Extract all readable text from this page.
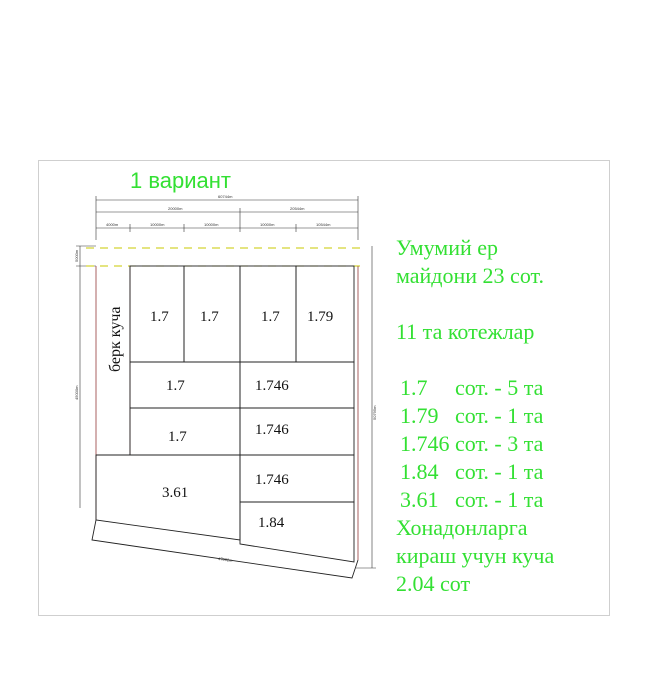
1 вариант
60744m
20000m	20544m
4000m	10000m	10000m	10000m	10544m
5000m
45000m
50795m
47092m
берк куча 1.7 1.7	1.7 1.79
1.7	1.746
1.7	1.746
3.61
1.746
1.84
Умумий ер
майдони 23 сот.
11 та котежлар
1.7     сот. - 5 та
1.79   сот. - 1 та
1.746 сот. - 3 та
1.84   сот. - 1 та
3.61   сот. - 1 та
Хонадонларга
кираш учун куча
2.04 сот
